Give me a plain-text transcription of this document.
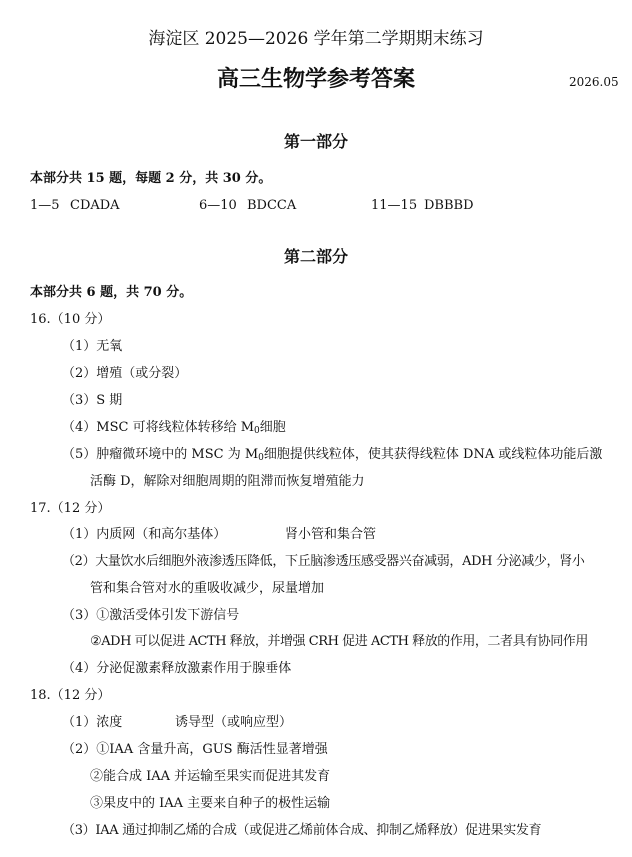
海淀区 2025—2026 学年第二学期期末练习
高三生物学参考答案	2026.05
第一部分
本部分共 15 题，每题 2 分，共 30 分。
1—5 CDADA	6—10 BDCCA	11—15 DBBBD
第二部分
本部分共 6 题，共 70 分。
16.（10 分）
（1）无氧
（2）增殖（或分裂）
（3）S 期
（4）MSC 可将线粒体转移给 $M_0$细胞
（5）肿瘤微环境中的 MSC 为 $M_0$细胞提供线粒体，使其获得线粒体 DNA 或线粒体功能后激
活酶 D，解除对细胞周期的阻滞而恢复增殖能力
17.（12 分）
（1）内质网（和高尔基体）	肾小管和集合管
（2）大量饮水后细胞外液渗透压降低，下丘脑渗透压感受器兴奋减弱，ADH 分泌减少，肾小
管和集合管对水的重吸收减少，尿量增加
（3）①激活受体引发下游信号
②ADH 可以促进 ACTH 释放，并增强 CRH 促进 ACTH 释放的作用，二者具有协同作用
（4）分泌促激素释放激素作用于腺垂体
18.（12 分）
（1）浓度	诱导型（或响应型）
（2）①IAA 含量升高，GUS 酶活性显著增强
②能合成 IAA 并运输至果实而促进其发育
③果皮中的 IAA 主要来自种子的极性运输
（3）IAA 通过抑制乙烯的合成（或促进乙烯前体合成、抑制乙烯释放）促进果实发育
